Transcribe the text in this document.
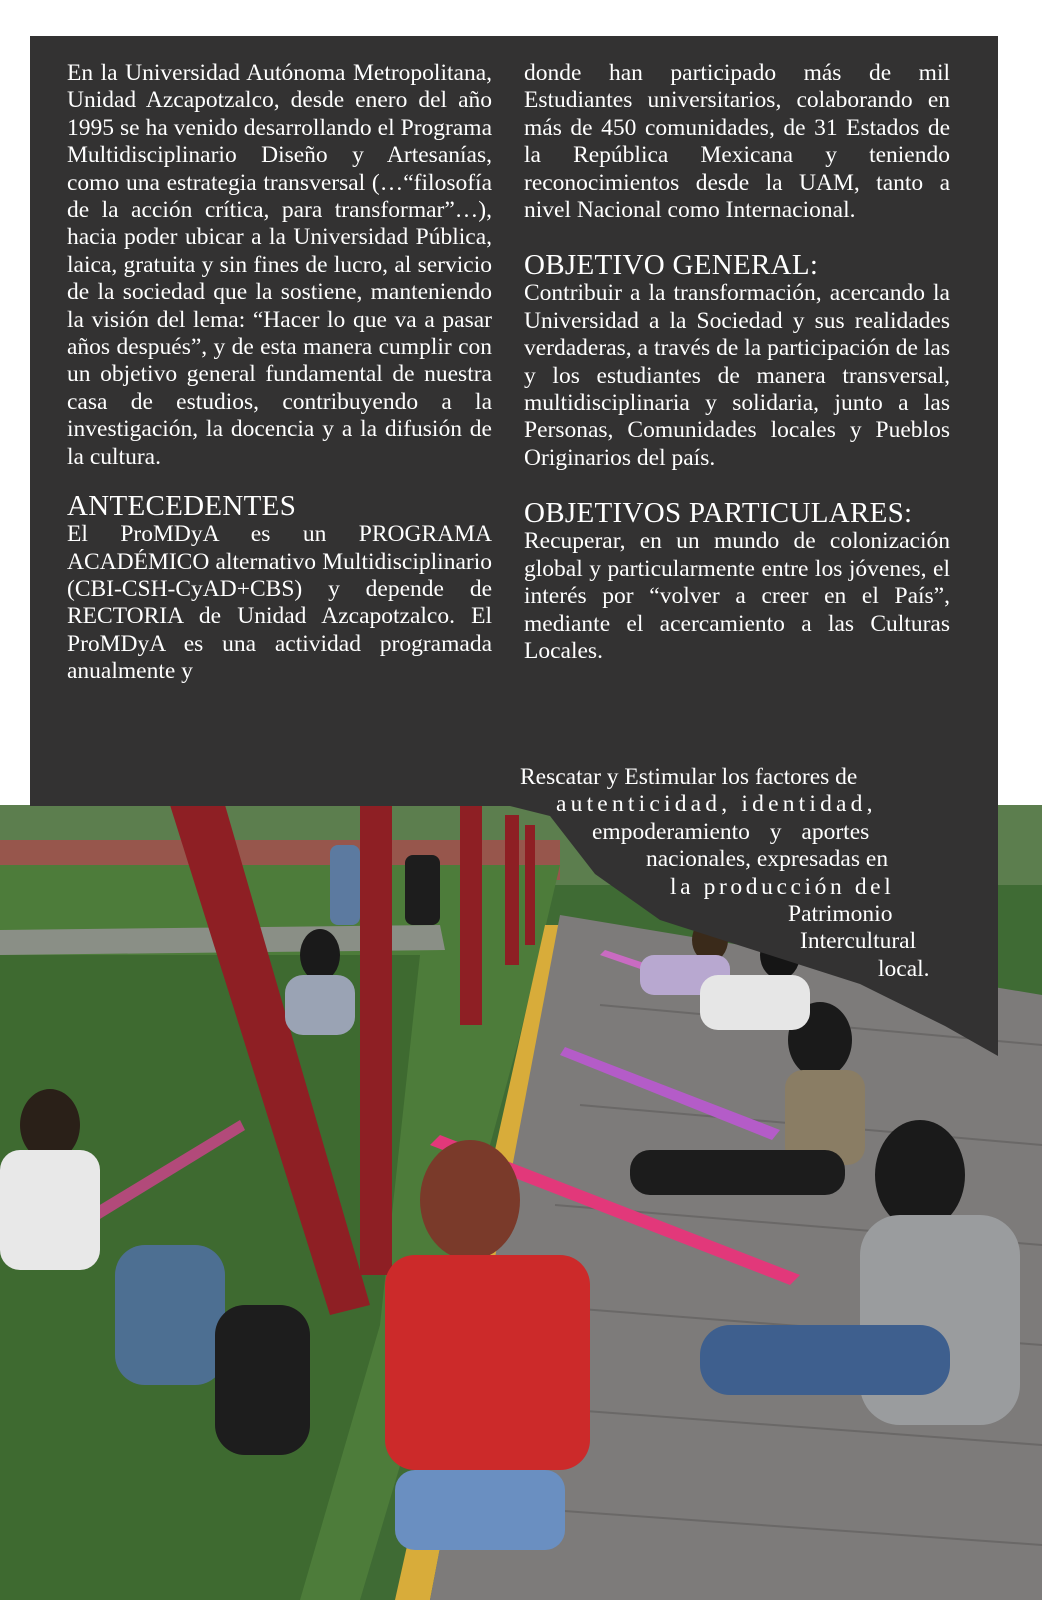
En la Universidad Autónoma Metropolitana, Unidad Azcapotzalco, desde enero del año 1995 se ha venido desarrollando el Programa Multidisciplinario Diseño y Artesanías, como una estrategia transversal (…“filosofía de la acción crítica, para transformar”…), hacia poder ubicar a la Universidad Pública, laica, gratuita y sin fines de lucro, al servicio de la sociedad que la sostiene, manteniendo la visión del lema: “Hacer lo que va a pasar años después”, y de esta manera cumplir con un objetivo general fundamental de nuestra casa de estudios, contribuyendo a la investigación, la docencia y a la difusión de la cultura.

ANTECEDENTES

El ProMDyA es un PROGRAMA ACADÉMICO alternativo Multidisciplinario (CBI-CSH-CyAD+CBS) y depende de RECTORIA de Unidad Azcapotzalco. El ProMDyA es una actividad programada anualmente y

donde han participado más de mil Estudiantes universitarios, colaborando en más de 450 comunidades, de 31 Estados de la República Mexicana y teniendo reconocimientos desde la UAM, tanto a nivel Nacional como Internacional.

OBJETIVO GENERAL:

Contribuir a la transformación, acercando la Universidad a la Sociedad y sus realidades verdaderas, a través de la participación de las y los estudiantes de manera transversal, multidisciplinaria y solidaria, junto a las Personas, Comunidades locales y Pueblos Originarios del país.

OBJETIVOS PARTICULARES:

Recuperar, en un mundo de colonización global y particularmente entre los jóvenes, el interés por “volver a creer en el País”, mediante el acercamiento a las Culturas Locales.

Rescatar y Estimular los factores de
autenticidad, identidad,
empoderamiento y aportes
nacionales, expresadas en
la producción del
Patrimonio
Intercultural
local.
